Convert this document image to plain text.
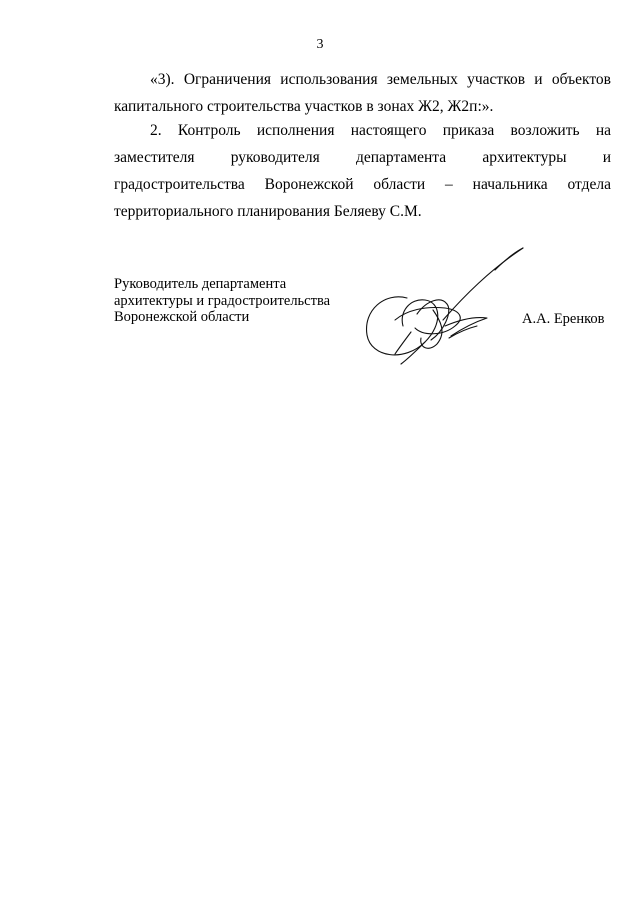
3

«3). Ограничения использования земельных участков и объектов капитального строительства участков в зонах Ж2, Ж2п:».

2. Контроль исполнения настоящего приказа возложить на заместителя руководителя департамента архитектуры и градостроительства Воронежской области – начальника отдела территориального планирования Беляеву С.М.

Руководитель департамента
архитектуры и градостроительства
Воронежской области	А.А. Еренков
